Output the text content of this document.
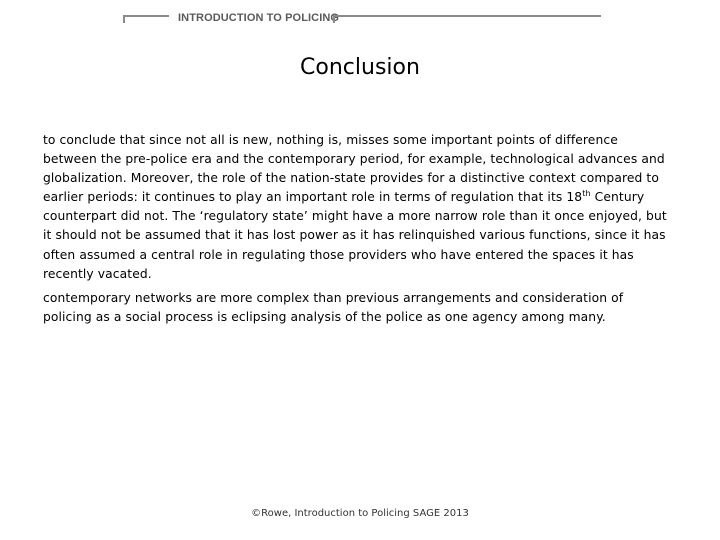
INTRODUCTION TO POLICING
Conclusion

to conclude that since not all is new, nothing is, misses some important points of difference between the pre-police era and the contemporary period, for example, technological advances and globalization. Moreover, the role of the nation-state provides for a distinctive context compared to earlier periods: it continues to play an important role in terms of regulation that its 18th Century counterpart did not. The ‘regulatory state’ might have a more narrow role than it once enjoyed, but it should not be assumed that it has lost power as it has relinquished various functions, since it has often assumed a central role in regulating those providers who have entered the spaces it has recently vacated.

contemporary networks are more complex than previous arrangements and consideration of policing as a social process is eclipsing analysis of the police as one agency among many.

©Rowe, Introduction to Policing SAGE 2013
